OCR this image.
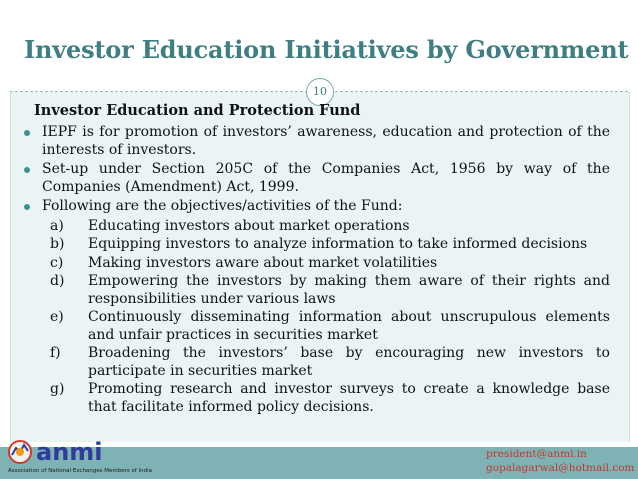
Investor Education Initiatives by Government
10
Investor Education and Protection Fund
IEPF is for promotion of investors’ awareness, education and protection of the interests of investors.
Set-up under Section 205C of the Companies Act, 1956 by way of the Companies (Amendment) Act, 1999.
Following are the objectives/activities of the Fund:
a) Educating investors about market operations
b) Equipping investors to analyze information to take informed decisions
c) Making investors aware about market volatilities
d) Empowering the investors by making them aware of their rights and responsibilities under various laws
e) Continuously disseminating information about unscrupulous elements and unfair practices in securities market
f) Broadening the investors’ base by encouraging new investors to participate in securities market
g) Promoting research and investor surveys to create a knowledge base that facilitate informed policy decisions.
anmi
Association of National Exchanges Members of India
president@anmi.in
gopalagarwal@hotmail.com
